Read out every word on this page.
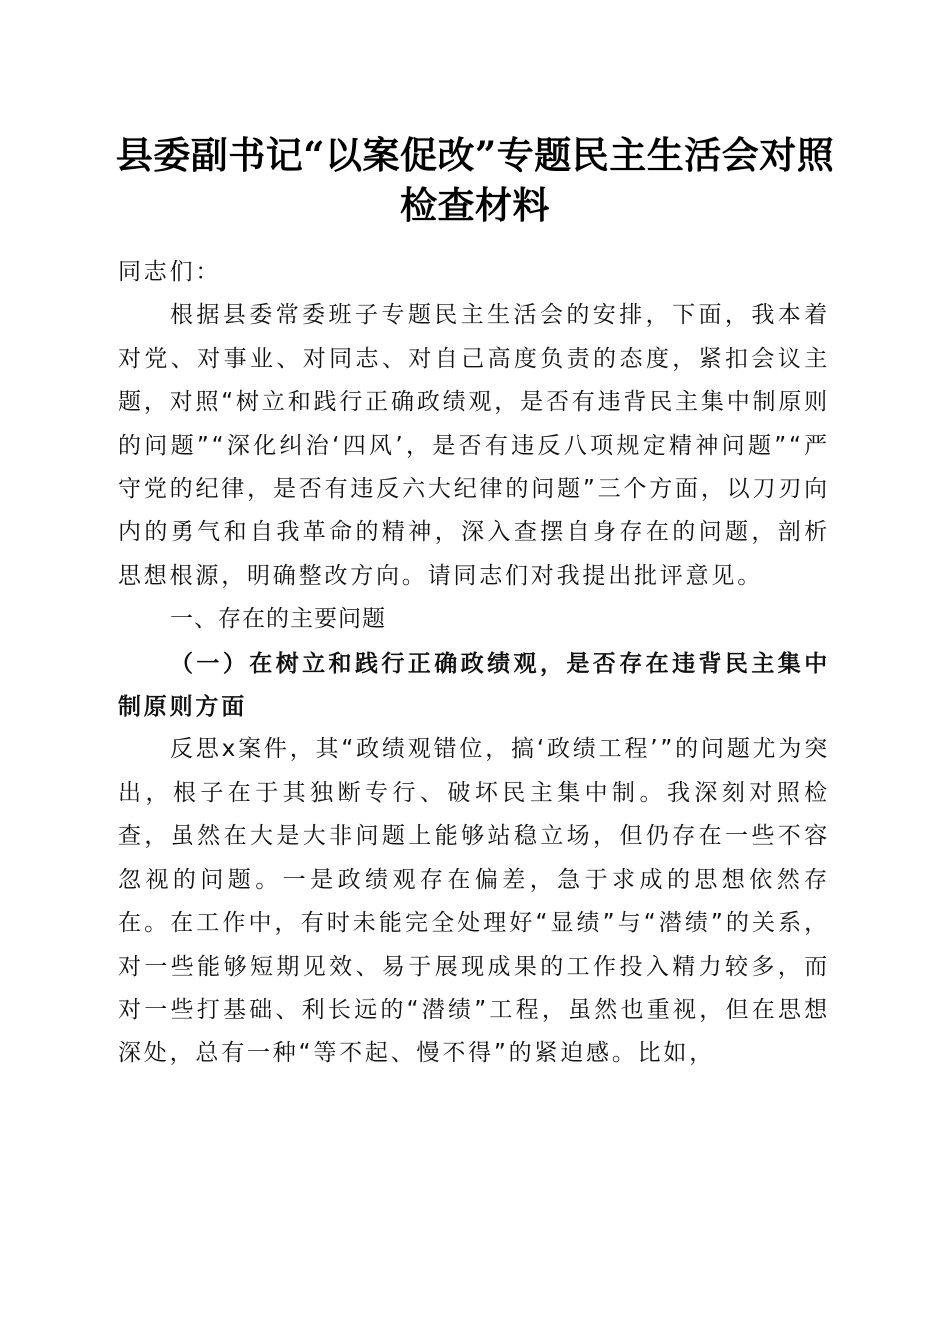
县委副书记“以案促改”专题民主生活会对照检查材料

同志们：

根据县委常委班子专题民主生活会的安排，下面，我本着对党、对事业、对同志、对自己高度负责的态度，紧扣会议主题，对照“树立和践行正确政绩观，是否有违背民主集中制原则的问题”“深化纠治‘四风’，是否有违反八项规定精神问题”“严守党的纪律，是否有违反六大纪律的问题”三个方面，以刀刃向内的勇气和自我革命的精神，深入查摆自身存在的问题，剖析思想根源，明确整改方向。请同志们对我提出批评意见。

一、存在的主要问题

（一）在树立和践行正确政绩观，是否存在违背民主集中制原则方面

反思x案件，其“政绩观错位，搞‘政绩工程’”的问题尤为突出，根子在于其独断专行、破坏民主集中制。我深刻对照检查，虽然在大是大非问题上能够站稳立场，但仍存在一些不容忽视的问题。一是政绩观存在偏差，急于求成的思想依然存在。在工作中，有时未能完全处理好“显绩”与“潜绩”的关系，对一些能够短期见效、易于展现成果的工作投入精力较多，而对一些打基础、利长远的“潜绩”工程，虽然也重视，但在思想深处，总有一种“等不起、慢不得”的紧迫感。比如，
